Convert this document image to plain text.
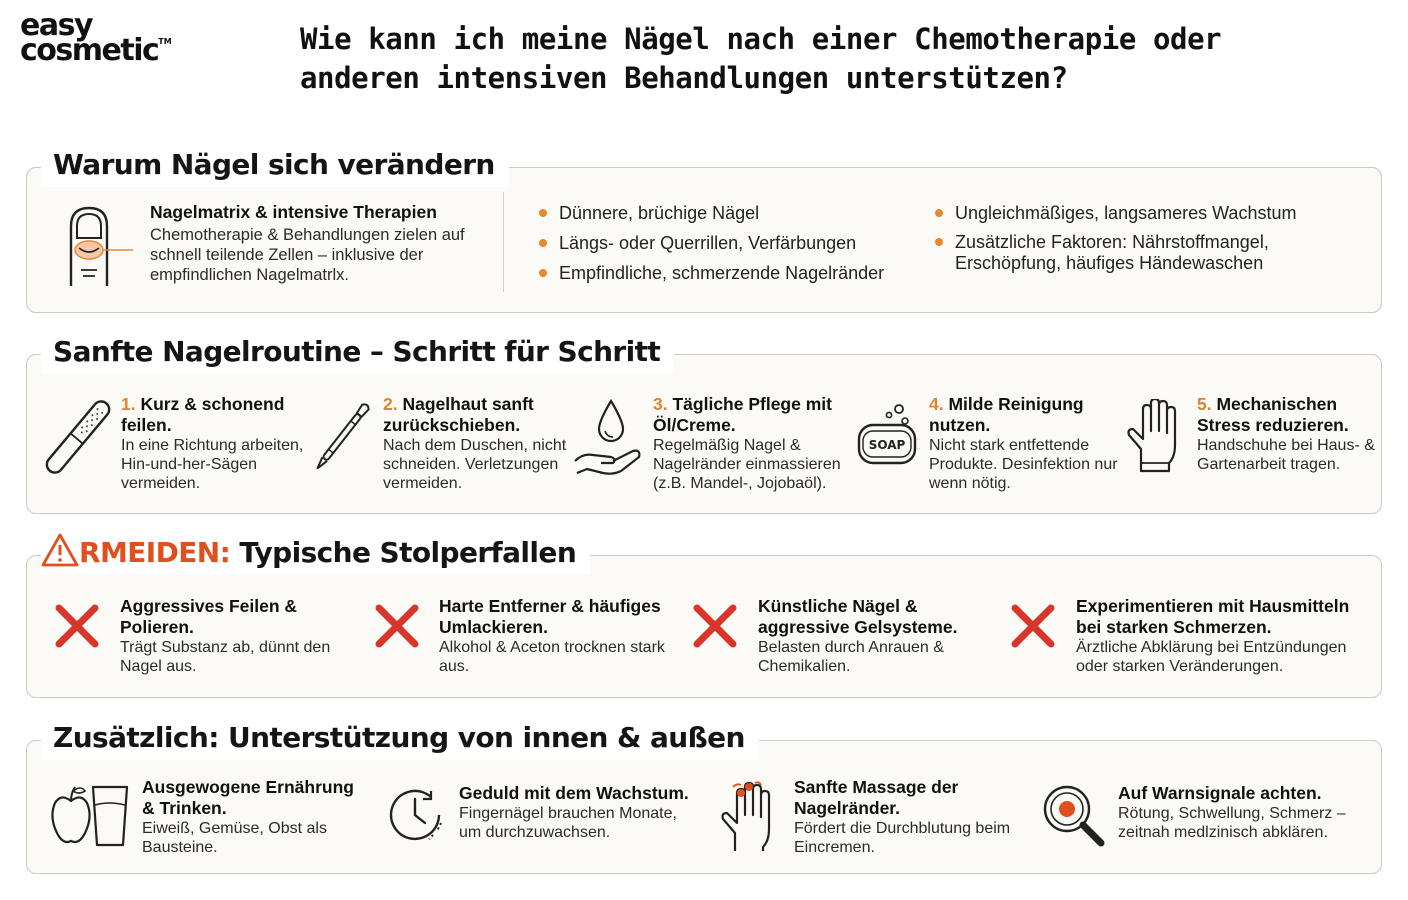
easy
cosmetic™	Wie kann ich meine Nägel nach einer Chemotherapie oder anderen intensiven Behandlungen unterstützen?
Warum Nägel sich verändern
Nagelmatrix & intensive Therapien
Chemotherapie & Behandlungen zielen auf schnell teilende Zellen – inklusive der empfindlichen Nagelmatrlx.
Dünnere, brüchige Nägel
Längs- oder Querrillen, Verfärbungen
Empfindliche, schmerzende Nagelränder
Ungleichmäßiges, langsameres Wachstum
Zusätzliche Faktoren: Nährstoffmangel, Erschöpfung, häufiges Händewaschen
Sanfte Nagelroutine – Schritt für Schritt
1. Kurz & schonend feilen.
In eine Richtung arbeiten, Hin-und-her-Sägen vermeiden.
2. Nagelhaut sanft zurückschieben.
Nach dem Duschen, nicht schneiden. Verletzungen vermeiden.
3. Tägliche Pflege mit Öl/Creme.
Regelmäßig Nagel & Nagelränder einmassieren (z.B. Mandel-, Jojobaöl).
SOAP
4. Milde Reinigung nutzen.
Nicht stark entfettende Produkte. Desinfektion nur wenn nötig.
5. Mechanischen Stress reduzieren.
Handschuhe bei Haus- & Gartenarbeit tragen.
RMEIDEN: Typische Stolperfallen
Aggressives Feilen & Polieren.
Trägt Substanz ab, dünnt den Nagel aus.
Harte Entferner & häufiges Umlackieren.
Alkohol & Aceton trocknen stark aus.
Künstliche Nägel & aggressive Gelsysteme.
Belasten durch Anrauen & Chemikalien.
Experimentieren mit Hausmitteln bei starken Schmerzen.
Ärztliche Abklärung bei Entzündungen oder starken Veränderungen.
Zusätzlich: Unterstützung von innen & außen
Ausgewogene Ernährung & Trinken.
Eiweiß, Gemüse, Obst als Bausteine.
Geduld mit dem Wachstum.
Fingernägel brauchen Monate, um durchzuwachsen.
Sanfte Massage der Nagelränder.
Fördert die Durchblutung beim Eincremen.
Auf Warnsignale achten.
Rötung, Schwellung, Schmerz – zeitnah medlzinisch abklären.
